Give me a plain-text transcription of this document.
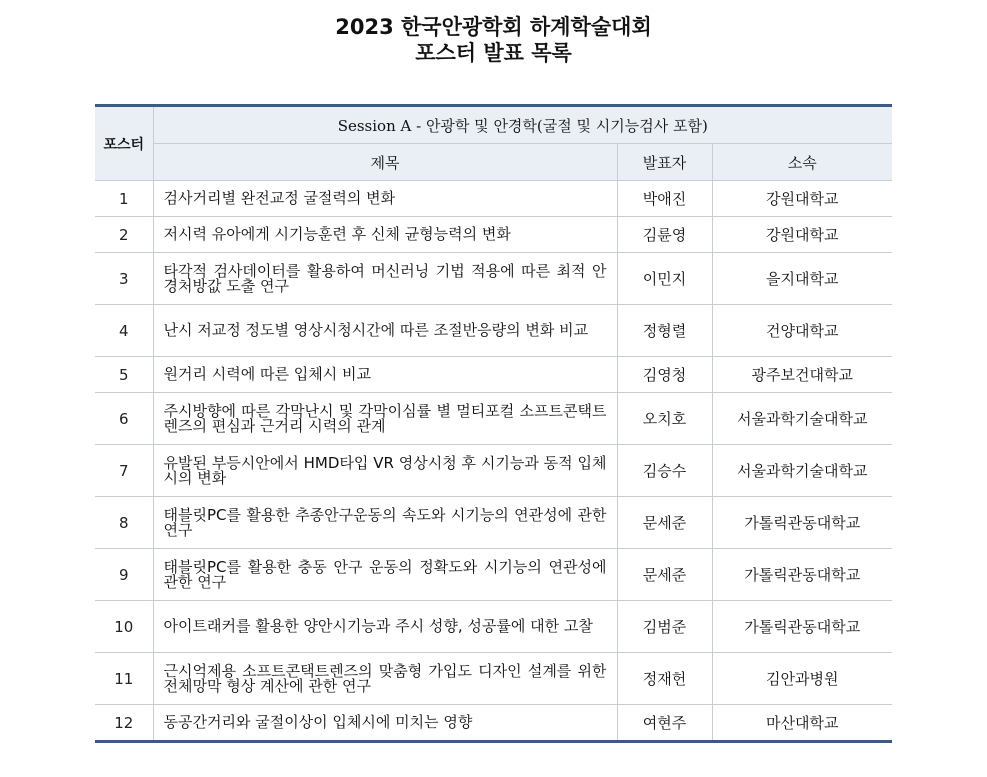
2023 한국안광학회 하계학술대회
포스터 발표 목록
포스터	Session A - 안광학 및 안경학(굴절 및 시기능검사 포함)		
	제목	발표자	소속
1	검사거리별 완전교정 굴절력의 변화	박애진	강원대학교
2	저시력 유아에게 시기능훈련 후 신체 균형능력의 변화	김륜영	강원대학교
3	타각적 검사데이터를 활용하여 머신러닝 기법 적용에 따른 최적 안경처방값 도출 연구	이민지	을지대학교
4	난시 저교정 정도별 영상시청시간에 따른 조절반응량의 변화 비교	정형렬	건양대학교
5	원거리 시력에 따른 입체시 비교	김영청	광주보건대학교
6	주시방향에 따른 각막난시 및 각막이심률 별 멀티포컬 소프트콘택트렌즈의 편심과 근거리 시력의 관계	오치호	서울과학기술대학교
7	유발된 부등시안에서 HMD타입 VR 영상시청 후 시기능과 동적 입체시의 변화	김승수	서울과학기술대학교
8	태블릿PC를 활용한 추종안구운동의 속도와 시기능의 연관성에 관한 연구	문세준	가톨릭관동대학교
9	태블릿PC를 활용한 충동 안구 운동의 정확도와 시기능의 연관성에 관한 연구	문세준	가톨릭관동대학교
10	아이트래커를 활용한 양안시기능과 주시 성향, 성공률에 대한 고찰	김범준	가톨릭관동대학교
11	근시억제용 소프트콘택트렌즈의 맞춤형 가입도 디자인 설계를 위한 전체망막 형상 계산에 관한 연구	정재헌	김안과병원
12	동공간거리와 굴절이상이 입체시에 미치는 영향	여현주	마산대학교
